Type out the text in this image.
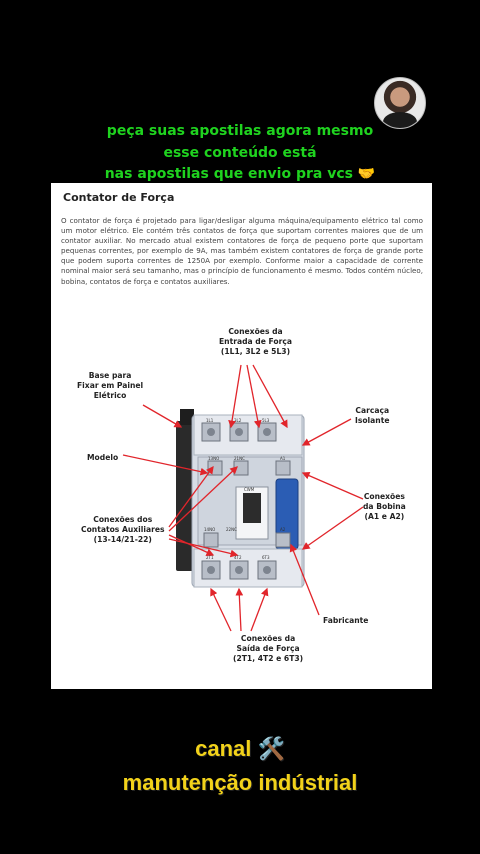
peça suas apostilas agora mesmo
esse conteúdo está
nas apostilas que envio pra vcs 🤝
Contator de Força
O contator de força é projetado para ligar/desligar alguma máquina/equipamento elétrico tal como um motor elétrico. Ele contém três contatos de força que suportam correntes maiores que de um contator auxiliar. No mercado atual existem contatores de força de pequeno porte que suportam pequenas correntes, por exemplo de 9A, mas também existem contatores de força de grande porte que podem suporta correntes de 1250A por exemplo. Conforme maior a capacidade de corrente nominal maior será seu tamanho, mas o princípio de funcionamento é mesmo. Todos contém núcleo, bobina, contatos de força e contatos auxiliares.
1L1	3L2	5L3
13NO	21NC	A1
2T1	4T2	6T3
14NO	22NC	A2
CWM
Conexões da
Entrada de Força
(1L1, 3L2 e 5L3)
Base para
Fixar em Painel
Elétrico
Carcaça
Isolante
Modelo
Conexões
da Bobina
(A1 e A2)
Conexões dos
Contatos Auxiliares
(13-14/21-22)
Fabricante
Conexões da
Saída de Força
(2T1, 4T2 e 6T3)
canal 🛠️
manutenção indústrial
